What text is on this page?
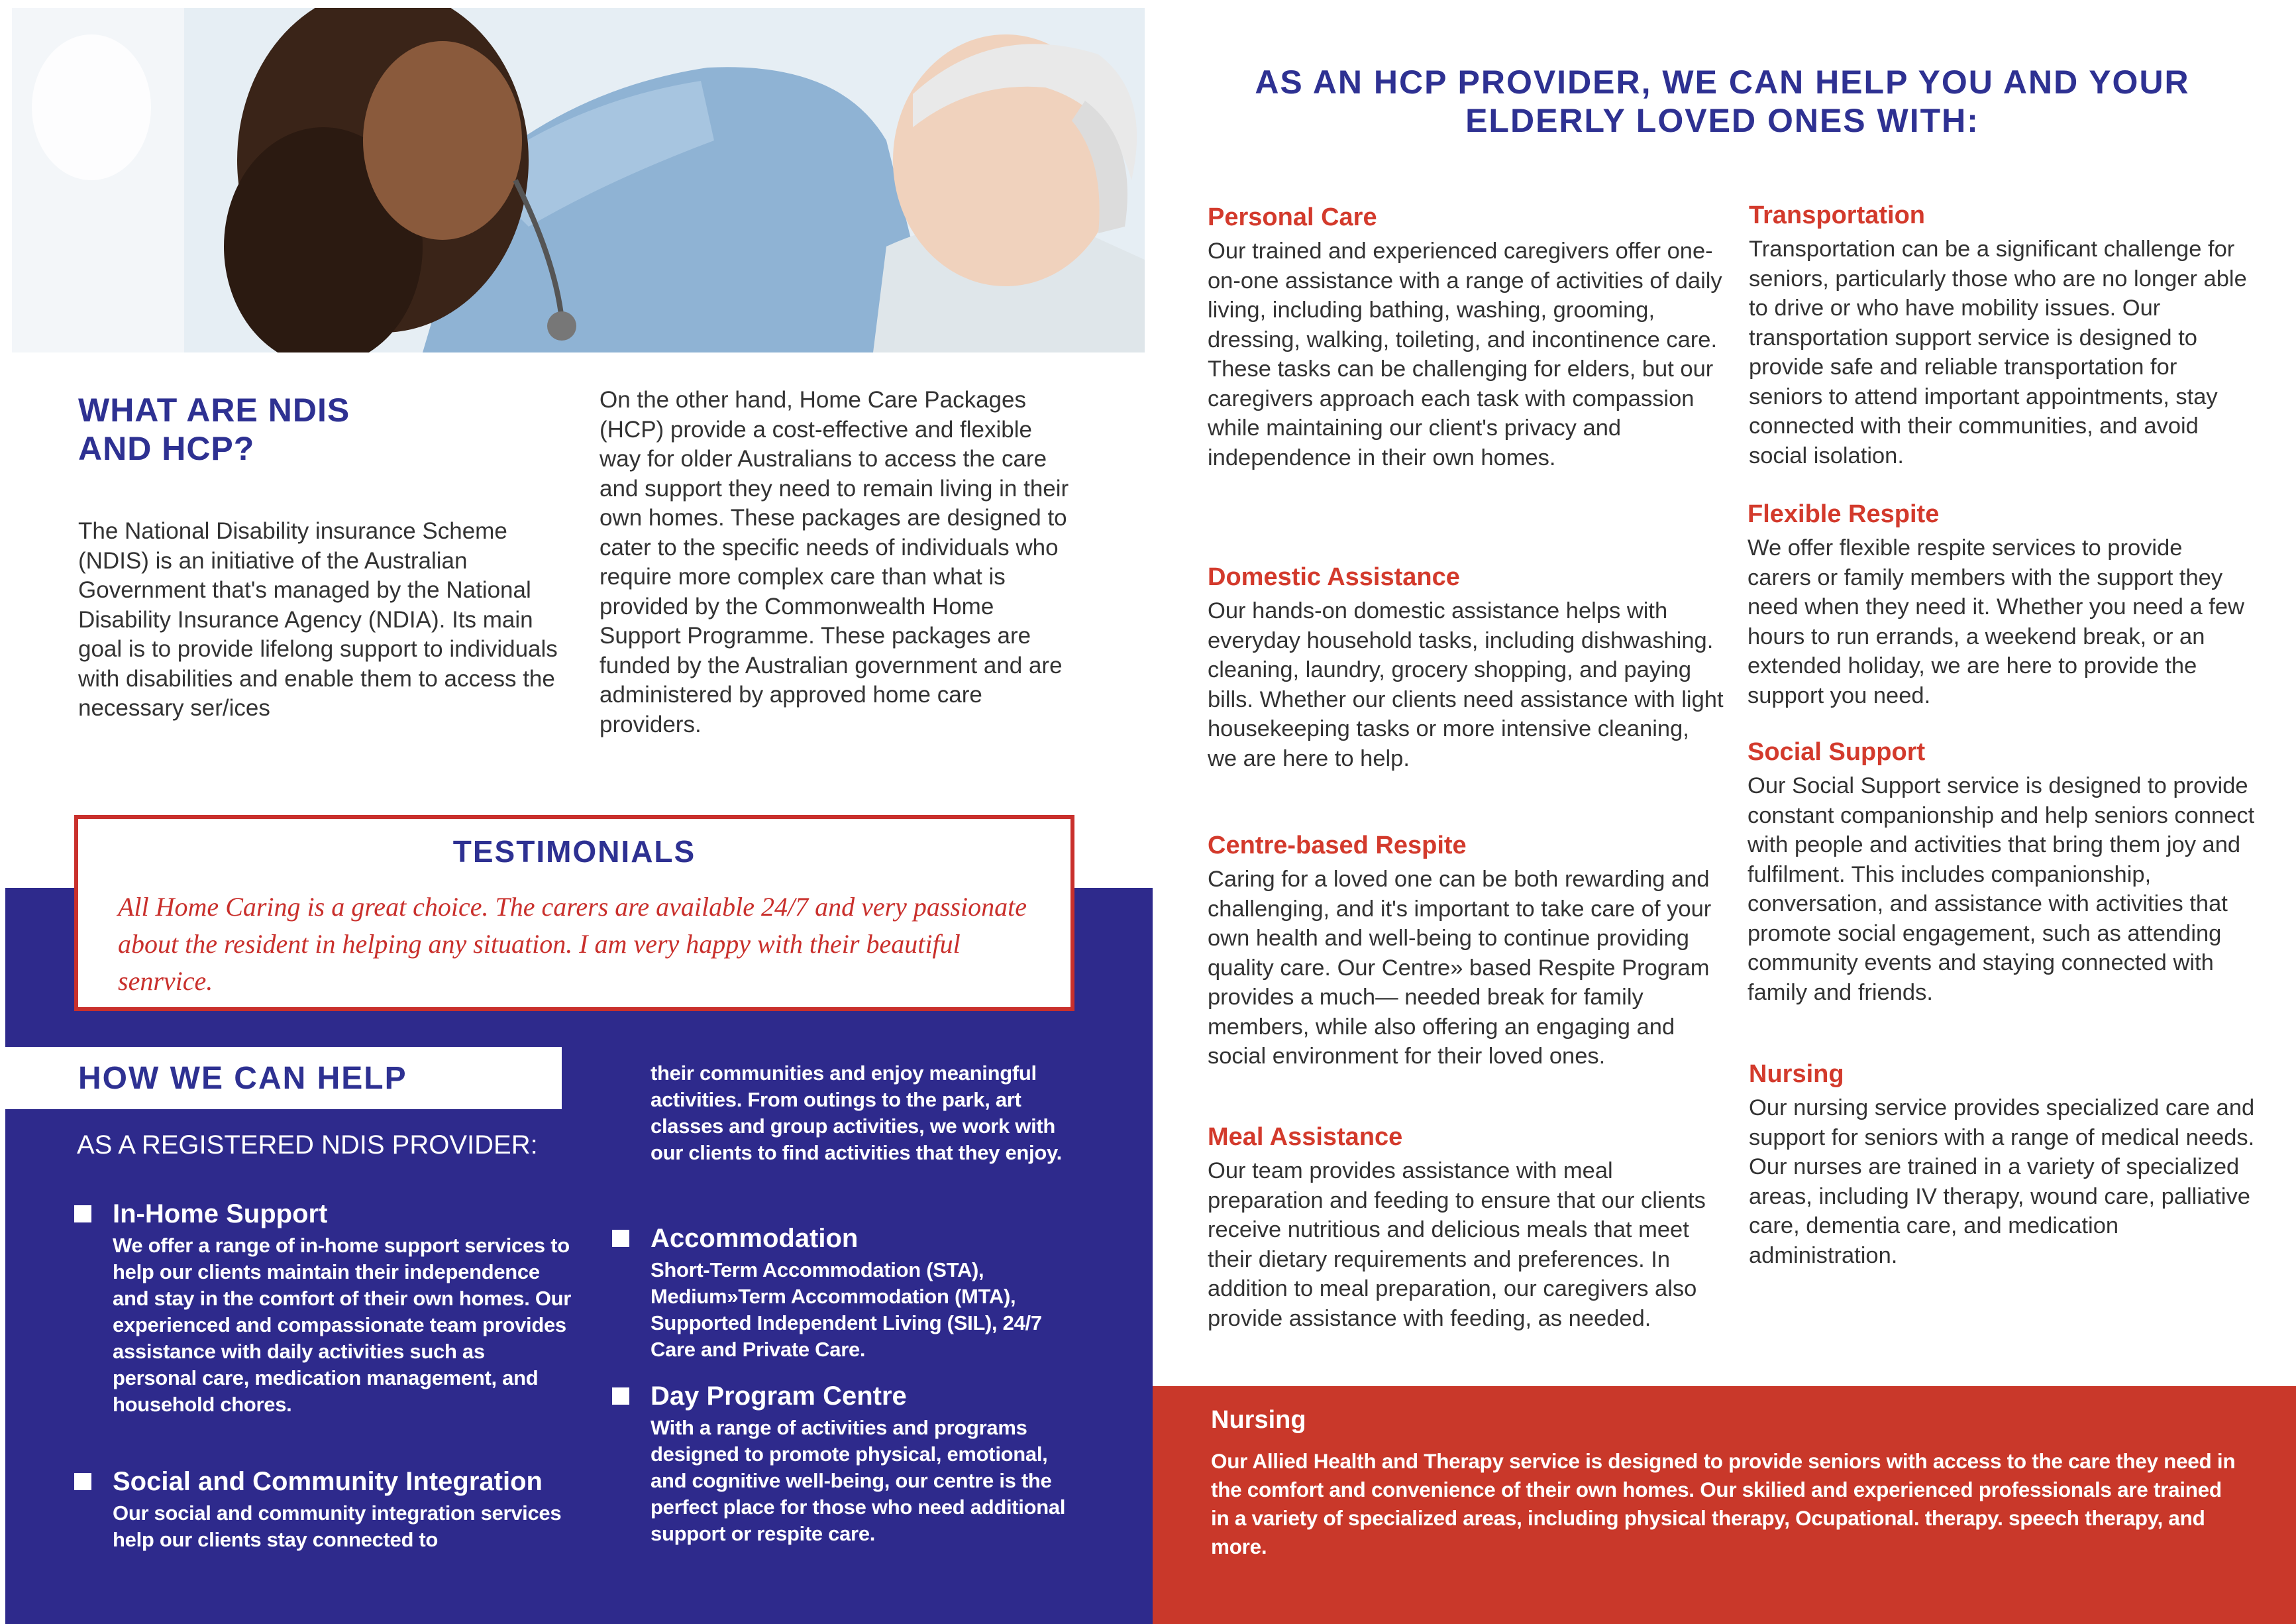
WHAT ARE NDIS
AND HCP?
The National Disability insurance Scheme (NDIS) is an initiative of the Australian Government that's managed by the National Disability Insurance Agency (NDIA). Its main goal is to provide lifelong support to individuals with disabilities and enable them to access the necessary ser/ices
On the other hand, Home Care Packages (HCP) provide a cost-effective and flexible way for older Australians to access the care and support they need to remain living in their own homes. These packages are designed to cater to the specific needs of individuals who require more complex care than what is provided by the Commonwealth Home Support Programme. These packages are funded by the Australian government and are administered by approved home care providers.
TESTIMONIALS
All Home Caring is a great choice. The carers are available 24/7 and very passionate about the resident in helping any situation. I am very happy with their beautiful senrvice.
HOW WE CAN HELP
AS A REGISTERED NDIS PROVIDER:
In-Home Support
We offer a range of in-home support services to help our clients maintain their independence and stay in the comfort of their own homes. Our experienced and compassionate team provides assistance with daily activities such as personal care, medication management, and household chores.
Social and Community Integration
Our social and community integration services help our clients stay connected to
their communities and enjoy meaningful activities. From outings to the park, art classes and group activities, we work with our clients to find activities that they enjoy.
Accommodation
Short-Term Accommodation (STA), Medium»Term Accommodation (MTA), Supported Independent Living (SIL), 24/7 Care and Private Care.
Day Program Centre
With a range of activities and programs designed to promote physical, emotional, and cognitive well-being, our centre is the perfect place for those who need additional support or respite care.
AS AN HCP PROVIDER, WE CAN HELP YOU AND YOUR ELDERLY LOVED ONES WITH:
Personal Care
Our trained and experienced caregivers offer one-on-one assistance with a range of activities of daily living, including bathing, washing, grooming, dressing, walking, toileting, and incontinence care. These tasks can be challenging for elders, but our caregivers approach each task with compassion while maintaining our client's privacy and independence in their own homes.
Domestic Assistance
Our hands-on domestic assistance helps with everyday household tasks, including dishwashing. cleaning, laundry, grocery shopping, and paying bills. Whether our clients need assistance with light housekeeping tasks or more intensive cleaning, we are here to help.
Centre-based Respite
Caring for a loved one can be both rewarding and challenging, and it's important to take care of your own health and well-being to continue providing quality care. Our Centre» based Respite Program provides a much— needed break for family members, while also offering an engaging and social environment for their loved ones.
Meal Assistance
Our team provides assistance with meal preparation and feeding to ensure that our clients receive nutritious and delicious meals that meet their dietary requirements and preferences. In addition to meal preparation, our caregivers also provide assistance with feeding, as needed.
Transportation
Transportation can be a significant challenge for seniors, particularly those who are no longer able to drive or who have mobility issues. Our transportation support service is designed to provide safe and reliable transportation for seniors to attend important appointments, stay connected with their communities, and avoid social isolation.
Flexible Respite
We offer flexible respite services to provide carers or family members with the support they need when they need it. Whether you need a few hours to run errands, a weekend break, or an extended holiday, we are here to provide the support you need.
Social Support
Our Social Support service is designed to provide constant companionship and help seniors connect with people and activities that bring them joy and fulfilment. This includes companionship, conversation, and assistance with activities that promote social engagement, such as attending community events and staying connected with family and friends.
Nursing
Our nursing service provides specialized care and support for seniors with a range of medical needs. Our nurses are trained in a variety of specialized areas, including IV therapy, wound care, palliative care, dementia care, and medication administration.
Nursing
Our Allied Health and Therapy service is designed to provide seniors with access to the care they need in the comfort and convenience of their own homes. Our skilied and experienced professionals are trained in a variety of specialized areas, including physical therapy, Ocupational. therapy. speech therapy, and more.
